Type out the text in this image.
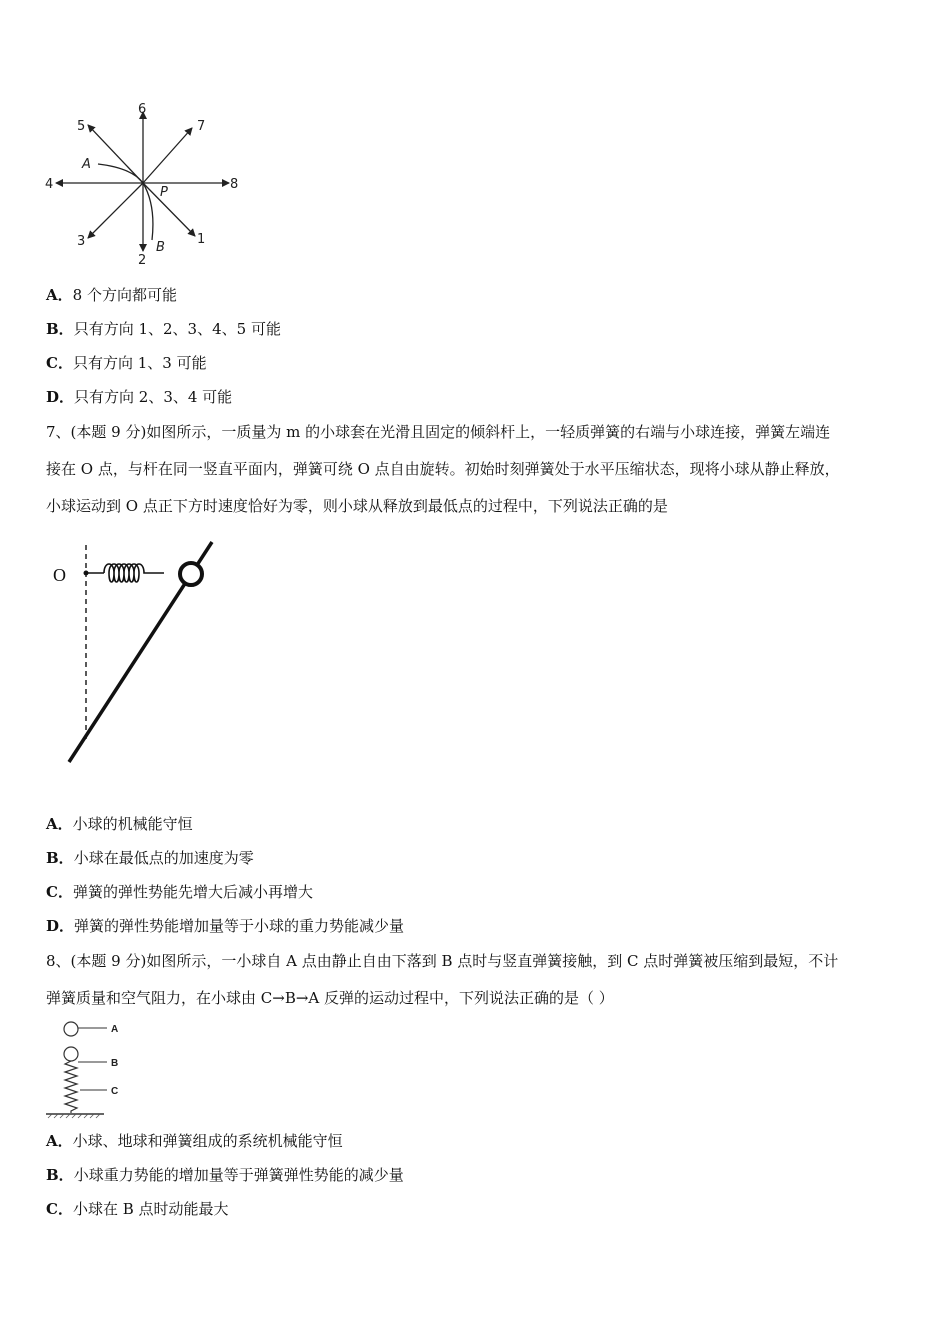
6
7
5
4	8
3
2
1
A
P
B
A．8 个方向都可能
B．只有方向 1、2、3、4、5 可能
C．只有方向 1、3 可能
D．只有方向 2、3、4 可能
7、(本题 9 分)如图所示，一质量为 m 的小球套在光滑且固定的倾斜杆上，一轻质弹簧的右端与小球连接，弹簧左端连
接在 O 点，与杆在同一竖直平面内，弹簧可绕 O 点自由旋转。初始时刻弹簧处于水平压缩状态，现将小球从静止释放，
小球运动到 O 点正下方时速度恰好为零，则小球从释放到最低点的过程中，下列说法正确的是
O
A．小球的机械能守恒
B．小球在最低点的加速度为零
C．弹簧的弹性势能先增大后减小再增大
D．弹簧的弹性势能增加量等于小球的重力势能减少量
8、(本题 9 分)如图所示，一小球自 A 点由静止自由下落到 B 点时与竖直弹簧接触，到 C 点时弹簧被压缩到最短，不计
弹簧质量和空气阻力，在小球由 C→B→A 反弹的运动过程中，下列说法正确的是（ ）
A
B
C
A．小球、地球和弹簧组成的系统机械能守恒
B．小球重力势能的增加量等于弹簧弹性势能的减少量
C．小球在 B 点时动能最大
